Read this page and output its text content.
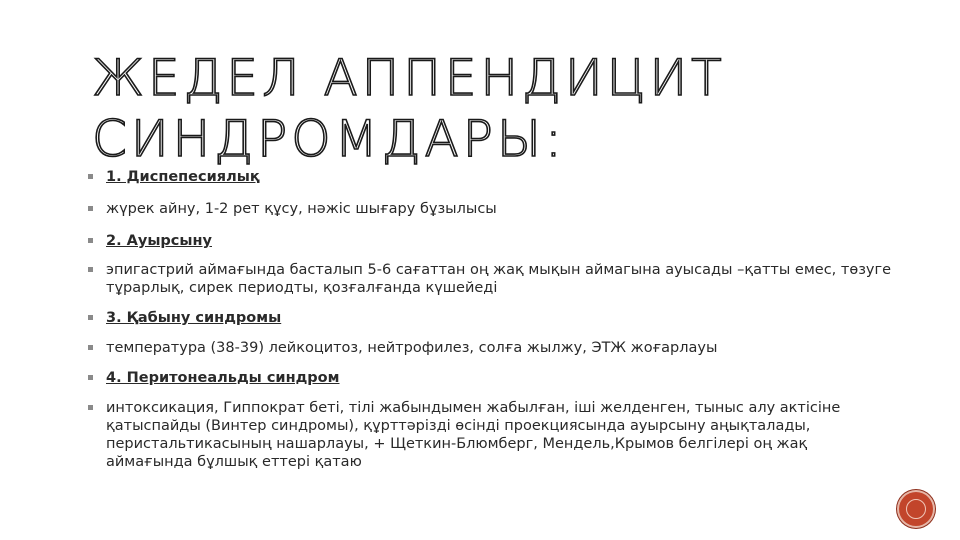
ЖЕДЕЛ АППЕНДИЦИТ
СИНДРОМДАРЫ:
1. Диспепесиялық
жүрек айну, 1-2 рет құсу, нәжіс шығару бұзылысы
2. Ауырсыну
эпигастрий аймағында басталып 5-6 сағаттан оң жақ мықын аймагына ауысады –қатты емес, төзуге тұрарлық, сирек периодты, қозғалғанда күшейеді
3. Қабыну синдромы
температура (38-39) лейкоцитоз, нейтрофилез, солға жылжу, ЭТЖ жоғарлауы
4. Перитонеальды синдром
интоксикация, Гиппократ беті, тілі жабындымен жабылған, іші желденген, тыныс алу актісіне қатыспайды (Винтер синдромы), құрттәрізді өсінді проекциясында ауырсыну аңықталады, перистальтикасының нашарлауы, + Щеткин-Блюмберг, Мендель,Крымов белгілері оң жақ аймағында бұлшық еттері қатаю
